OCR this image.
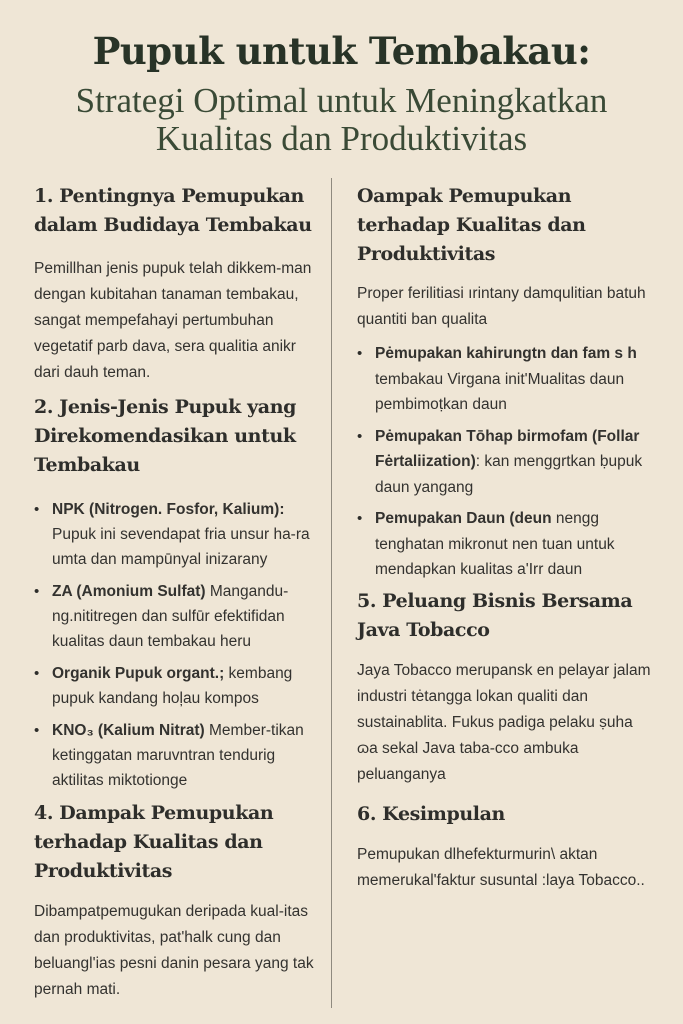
Pupuk untuk Tembakau:
Strategi Optimal untuk Meningkatkan Kualitas dan Produktivitas
1. Pentingnya Pemupukan dalam Budidaya Tembakau

Pemillhan jenis pupuk telah dikkem-man dengan kubitahan tanaman tembakau, sangat mempefahayi pertumbuhan vegetatif parb dava, sera qualitia anikr dari dauh teman.

2. Jenis-Jenis Pupuk yang Direkomendasikan untuk Tembakau
• NPK (Nitrogen. Fosfor, Kalium): Pupuk ini sevendapat fria unsur ha-ra umta dan mampūnyal inizarany
• ZA (Amonium Sulfat) Mangandu-ng.nititregen dan sulfūr efektifidan kualitas daun tembakau heru
• Organik Pupuk organt.; kembang pupuk kandang hoļau kompos
• KNO₃ (Kalium Nitrat) Member-tikan ketinggatan maruvntran tendurig aktilitas miktotionge
4. Dampak Pemupukan terhadap Kualitas dan Produktivitas

Dibampatpemugukan deripada kual-itas dan produktivitas, pat'halk cung dan beluangl'ias pesni danin pesara yang tak pernah mati.

Oampak Pemupukan terhadap Kualitas dan Produktivitas

Proper ferilitiasi ırintany damqulitian batuh quantiti ban qualita

• Pėmupakan kahirungtn dan fam s h tembakau Virgana init'Mualitas daun pembimoṭkan daun
• Pėmupakan Tōhap birmofam (Follar Fėrtaliization): kan menggrtkan ḅupuk daun yangang
• Pemupakan Daun (deun nengg tenghatan mikronut nen tuan untuk mendapkan kualitas a'Irr daun
5. Peluang Bisnis Bersama Java Tobacco

Jaya Tobacco merupansk en pelayar jalam industri tėtangga lokan qualiti dan sustainablita. Fukus padiga pelaku ṣuha ɷa sekal Java taba-cco ambuka peluanganya

6. Kesimpulan

Pemupukan dlhefekturmurin\ aktan memerukal'faktur susuntal :laya Tobacco..
